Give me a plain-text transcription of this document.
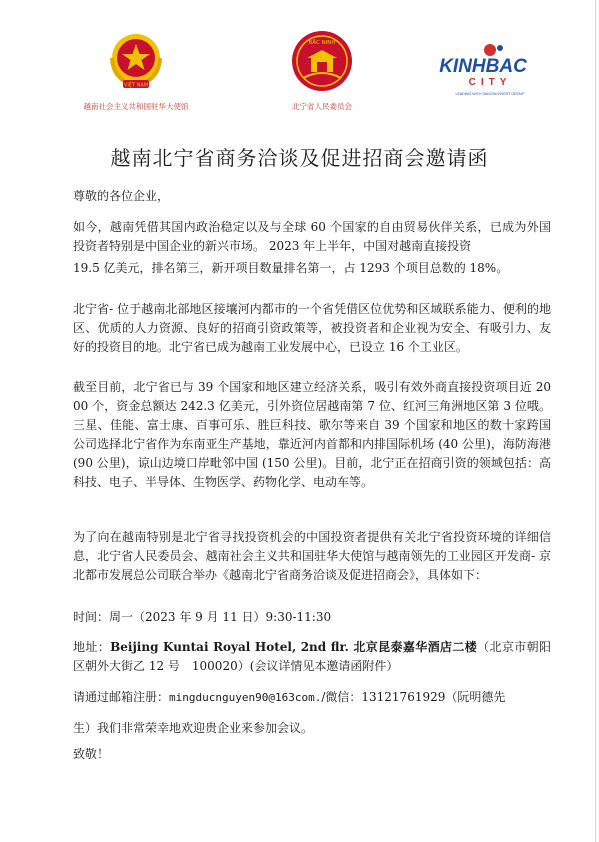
VIỆT NAM
越南社会主义共和国驻华大使馆
BẮC NINH
北宁省人民委员会
KINHBAC
CITY
LEADING WITH SAIGON INVEST GROUP
越南北宁省商务洽谈及促进招商会邀请函

尊敬的各位企业，

如今，越南凭借其国内政治稳定以及与全球 60 个国家的自由贸易伙伴关系，已成为外国投资者特别是中国企业的新兴市场。 2023 年上半年，中国对越南直接投资

19.5 亿美元，排名第三，新开项目数量排名第一，占 1293 个项目总数的 18%。

北宁省- 位于越南北部地区接壤河内都市的一个省凭借区位优势和区域联系能力、便利的地区、优质的人力资源、良好的招商引资政策等，被投资者和企业视为安全、有吸引力、友好的投资目的地。北宁省已成为越南工业发展中心，已设立 16 个工业区。

截至目前，北宁省已与 39 个国家和地区建立经济关系，吸引有效外商直接投资项目近 2000 个，资金总额达 242.3 亿美元，引外资位居越南第 7 位、红河三角洲地区第 3 位哦。 三星、佳能、富士康、百事可乐、胜巨科技、歌尔等来自 39 个国家和地区的数十家跨国公司选择北宁省作为东南亚生产基地，靠近河内首都和内排国际机场 (40 公里)，海防海港 (90 公里)，谅山边境口岸毗邻中国 (150 公里)。目前，北宁正在招商引资的领域包括：高科技、电子、半导体、生物医学、药物化学、电动车等。

为了向在越南特别是北宁省寻找投资机会的中国投资者提供有关北宁省投资环境的详细信息，北宁省人民委员会、越南社会主义共和国驻华大使馆与越南领先的工业园区开发商- 京北都市发展总公司联合举办《越南北宁省商务洽谈及促进招商会》，具体如下：

时间：周一（2023 年 9 月 11 日）9:30-11:30

地址：Beijing Kuntai Royal Hotel, 2nd flr. 北京昆泰嘉华酒店二楼（北京市朝阳区朝外大街乙 12 号　100020）(会议详情见本邀请函附件）

请通过邮箱注册：mingducnguyen90@163com./微信：13121761929（阮明德先

生）我们非常荣幸地欢迎贵企业来参加会议。

致敬！
